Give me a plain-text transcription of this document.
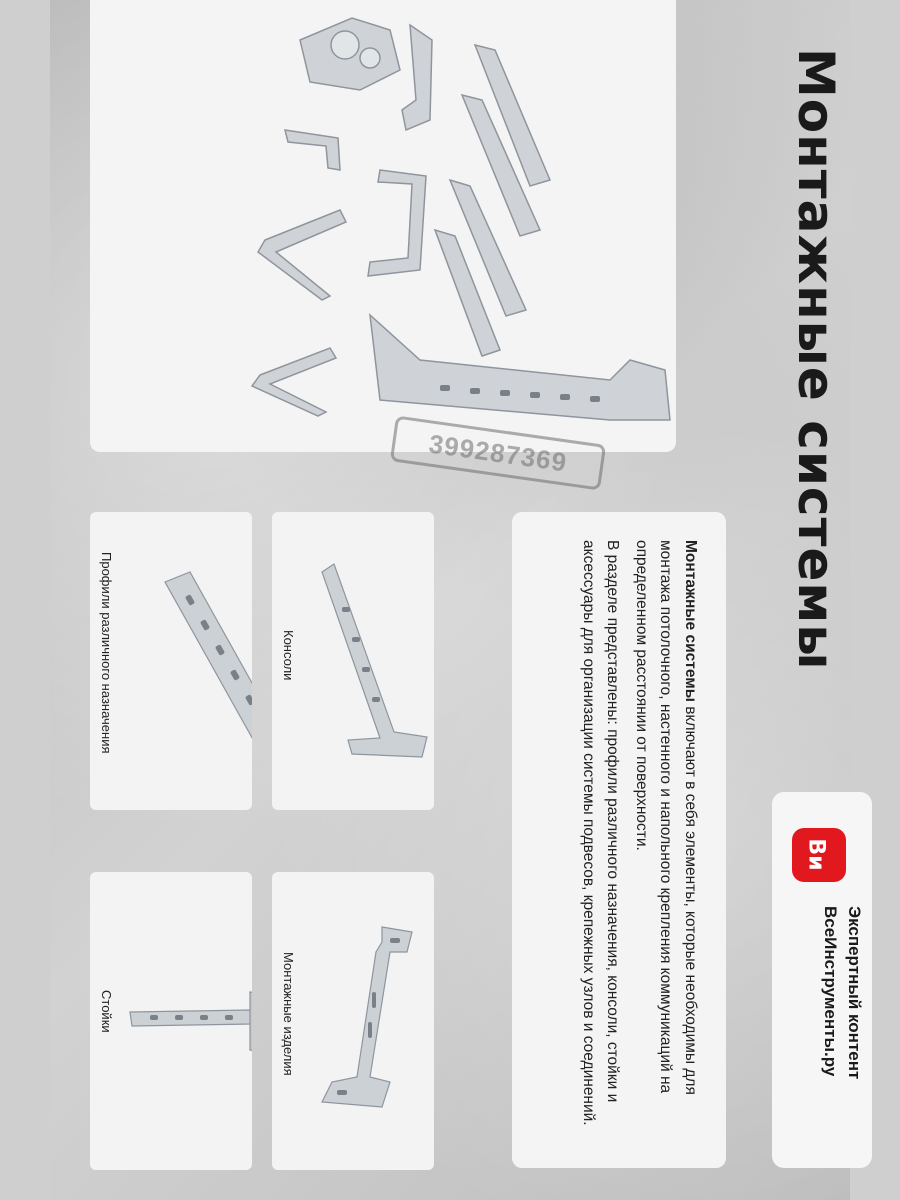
399287369	Монтажные системы

Монтажные системы включают в себя элементы, которые необходимы для монтажа потолочного, настенного и напольного крепления коммуникаций на определенном расстоянии от поверхности.

В разделе представлены: профили различного назначения, консоли, стойки и аксессуары для организации системы подвесов, крепежных узлов и соединений.	Ви
Экспертный контент
ВсеИнструменты.ру
Профили различного назначения	Консоли
Стойки	Монтажные изделия
